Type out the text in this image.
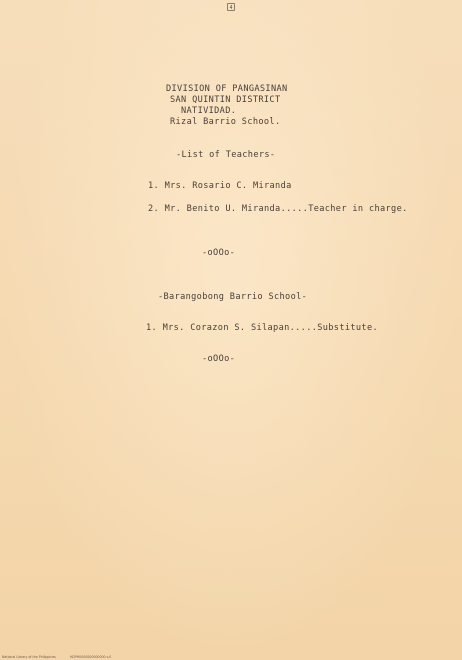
4
DIVISION OF PANGASINAN
SAN QUINTIN DISTRICT
NATIVIDAD.
Rizal Barrio School.
-List of Teachers-
1. Mrs. Rosario C. Miranda
2. Mr. Benito U. Miranda.....Teacher in charge.
-oOOo-
-Barangobong Barrio School-
1. Mrs. Corazon S. Silapan.....Substitute.
-oOOo-
National Library of the Philippines	HDPH0000000000000 v.0
